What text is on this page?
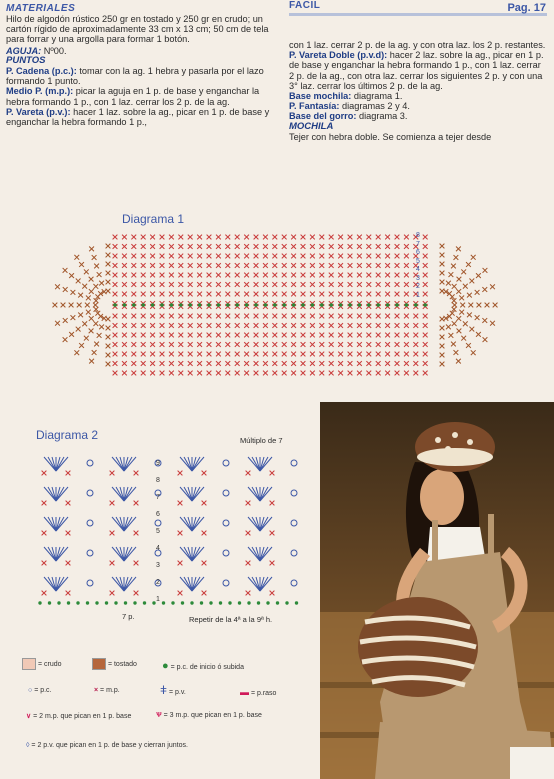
MATERIALES	FACIL	Pag. 17

Hilo de algodón rústico 250 gr en tostado y 250 gr en crudo; un cartón rígido de aproximadamente 33 cm x 13 cm; 50 cm de tela para forrar y una argolla para formar 1 botón.

AGUJA: Nº00.

PUNTOS

P. Cadena (p.c.): tomar con la ag. 1 hebra y pasarla por el lazo formando 1 punto.

Medio P. (m.p.): picar la aguja en 1 p. de base y enganchar la hebra formando 1 p., con 1 laz. cerrar los 2 p. de la ag.

P. Vareta (p.v.): hacer 1 laz. sobre la ag., picar en 1 p. de base y enganchar la hebra formando 1 p.,

con 1 laz. cerrar 2 p. de la ag. y con otra laz. los 2 p. restantes.

P. Vareta Doble (p.v.d): hacer 2 laz. sobre la ag., picar en 1 p. de base y enganchar la hebra formando 1 p., con 1 laz. cerrar 2 p. de la ag., con otra laz. cerrar los siguientes 2 p. y con una 3° laz. cerrar los últimos 2 p. de la ag.

Base mochila: diagrama 1.

P. Fantasía: diagramas 2 y 4.

Base del gorro: diagrama 3.

MOCHILA

Tejer con hebra doble. Se comienza a tejer desde

Diagrama 1
8
7
6
5
4
3
2
1
Diagrama 2	Múltiplo de 7
7 p.	Repetir de la 4ª a la 9ª h.
9
8
7
6
5
4
3
2
1
= crudo	= tostado ● = p.c. de inicio ó subida
○ = p.c.	× = m.p.	ǂ = p.v.	▬ = p.raso
∨ = 2 m.p. que pican en 1 p. base	Ѱ = 3 m.p. que pican en 1 p. base
◊ = 2 p.v. que pican en 1 p. de base y cierran juntos.
